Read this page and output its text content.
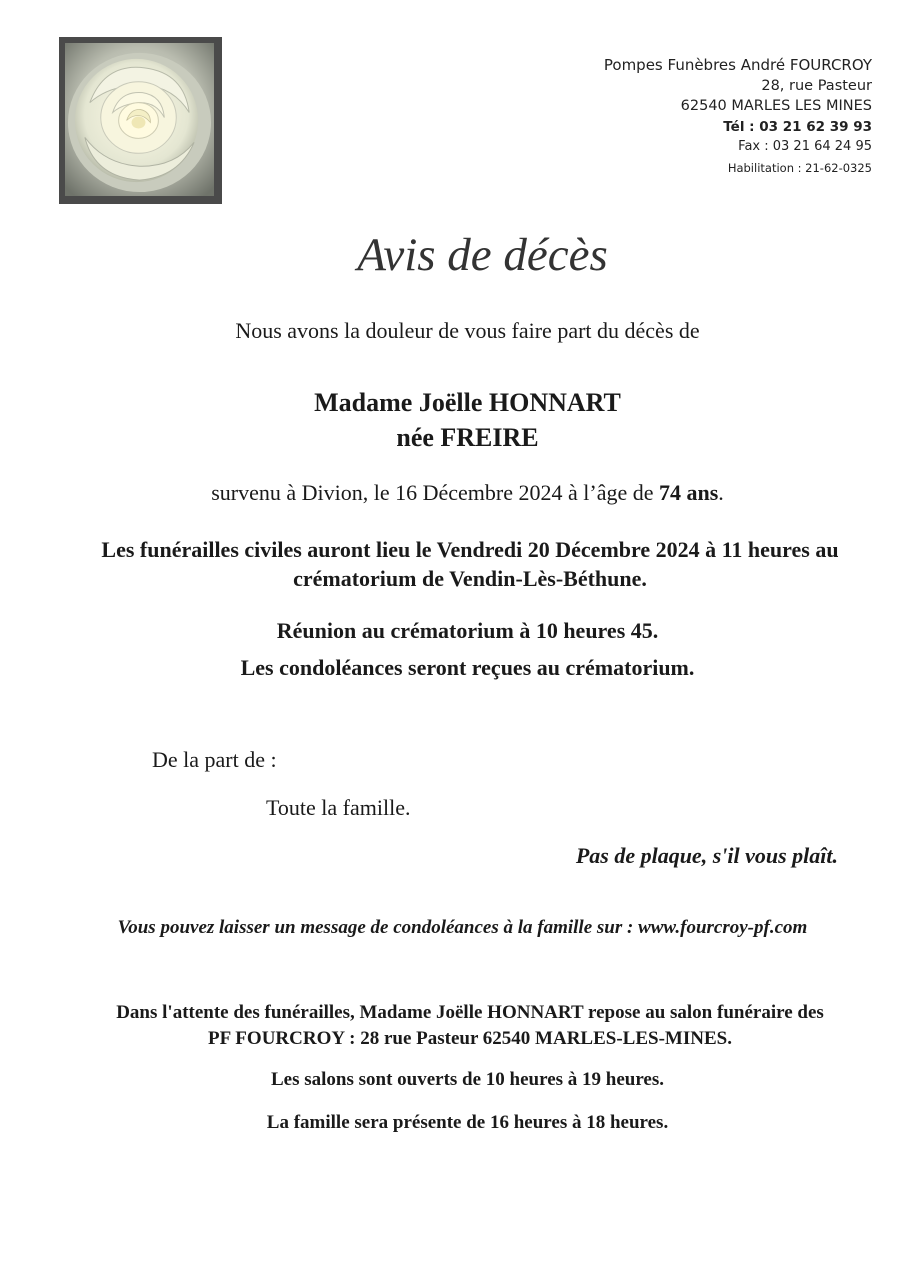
Pompes Funèbres André FOURCROY
28, rue Pasteur
62540 MARLES LES MINES
Tél : 03 21 62 39 93
Fax : 03 21 64 24 95
Habilitation : 21-62-0325
Avis de décès
Nous avons la douleur de vous faire part du décès de
Madame Joëlle HONNART
née FREIRE
survenu à Divion, le 16 Décembre 2024 à l’âge de 74 ans.
Les funérailles civiles auront lieu le Vendredi 20 Décembre 2024 à 11 heures au
crématorium de Vendin-Lès-Béthune.
Réunion au crématorium à 10 heures 45.
Les condoléances seront reçues au crématorium.
De la part de :
Toute la famille.
Pas de plaque, s'il vous plaît.
Vous pouvez laisser un message de condoléances à la famille sur : www.fourcroy-pf.com
Dans l'attente des funérailles, Madame Joëlle HONNART repose au salon funéraire des
PF FOURCROY : 28 rue Pasteur 62540 MARLES-LES-MINES.
Les salons sont ouverts de 10 heures à 19 heures.
La famille sera présente de 16 heures à 18 heures.
